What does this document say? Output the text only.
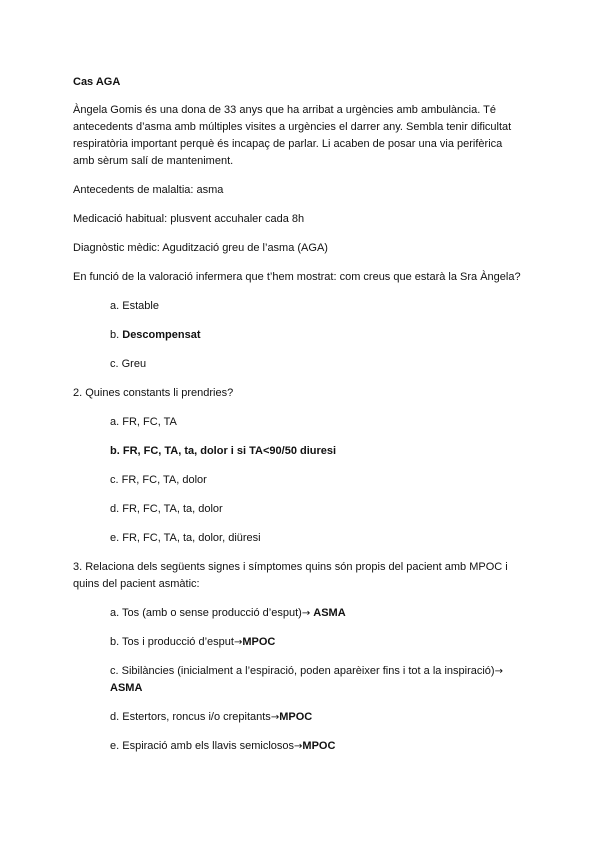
Cas AGA
Àngela Gomis és una dona de 33 anys que ha arribat a urgències amb ambulància. Té
antecedents d’asma amb múltiples visites a urgències el darrer any. Sembla tenir dificultat
respiratòria important perquè és incapaç de parlar. Li acaben de posar una via perifèrica
amb sèrum salí de manteniment.
Antecedents de malaltia: asma
Medicació habitual: plusvent accuhaler cada 8h
Diagnòstic mèdic: Agudització greu de l’asma (AGA)
En funció de la valoració infermera que t’hem mostrat: com creus que estarà la Sra Àngela?
a. Estable
b. Descompensat
c. Greu
2. Quines constants li prendries?
a. FR, FC, TA
b. FR, FC, TA, ta, dolor i si TA<90/50 diuresi
c. FR, FC, TA, dolor
d. FR, FC, TA, ta, dolor
e. FR, FC, TA, ta, dolor, diüresi
3. Relaciona dels següents signes i símptomes quins són propis del pacient amb MPOC i
quins del pacient asmàtic:
a. Tos (amb o sense producció d’esput)→ ASMA
b. Tos i producció d’esput→MPOC
c. Sibilàncies (inicialment a l’espiració, poden aparèixer fins i tot a la inspiració)→
ASMA
d. Estertors, roncus i/o crepitants→MPOC
e. Espiració amb els llavis semiclosos→MPOC
